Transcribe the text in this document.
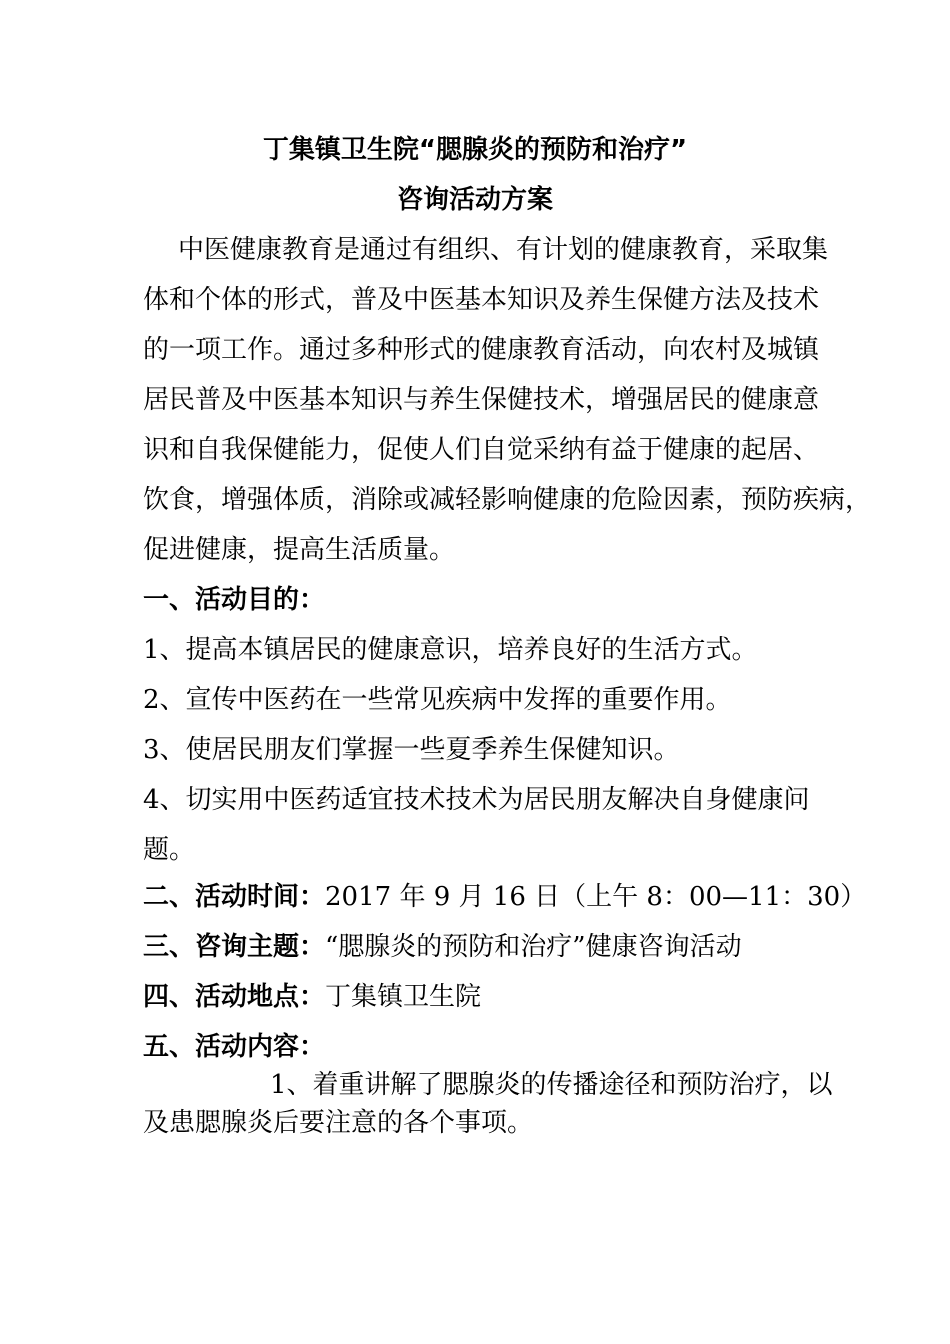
丁集镇卫生院“腮腺炎的预防和治疗”
咨询活动方案
中医健康教育是通过有组织、有计划的健康教育，采取集
体和个体的形式，普及中医基本知识及养生保健方法及技术
的一项工作。通过多种形式的健康教育活动，向农村及城镇
居民普及中医基本知识与养生保健技术，增强居民的健康意
识和自我保健能力，促使人们自觉采纳有益于健康的起居、
饮食，增强体质，消除或减轻影响健康的危险因素，预防疾病，
促进健康，提高生活质量。
一、活动目的：
1、提高本镇居民的健康意识，培养良好的生活方式。
2、宣传中医药在一些常见疾病中发挥的重要作用。
3、使居民朋友们掌握一些夏季养生保健知识。
4、切实用中医药适宜技术技术为居民朋友解决自身健康问
题。
二、活动时间：2017 年 9 月 16 日（上午 8：00—11：30）
三、咨询主题：“腮腺炎的预防和治疗”健康咨询活动
四、活动地点：丁集镇卫生院
五、活动内容：
1、着重讲解了腮腺炎的传播途径和预防治疗，以
及患腮腺炎后要注意的各个事项。
